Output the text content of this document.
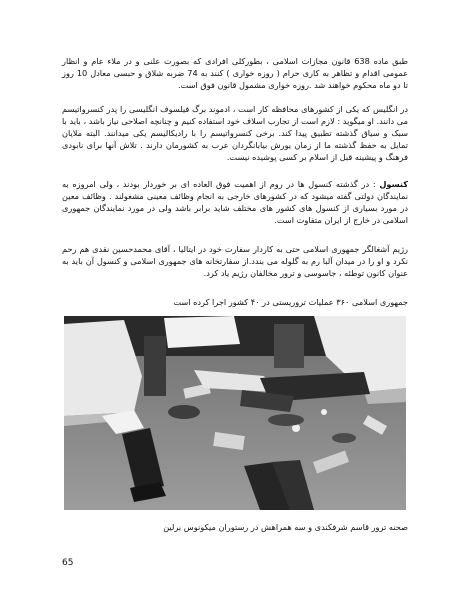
طبق ماده 638 قانون مجازات اسلامی ، بطورکلی افرادی که بصورت علنی و در ملاء عام و انظار عمومی اقدام و تظاهر به کاری حرام ( روزه خواری ) کنند به 74 ضربه شلاق و حبسی معادل 10 روز تا دو ماه محکوم خواهند شد .روزه خواری مشمول قانون فوق است.

در انگلیس که یکی از کشورهای محافظه کار است ، ادموند برگ فیلسوف انگلیسی را پدر کنسرواتیسم می دانند. او میگوید : لازم است از تجارب اسلاف خود استفاده کنیم و چنانچه اصلاحی نیاز باشد ، باید با سبک و سیاق گذشته تطبیق پیدا کند. برخی کنسرواتیسم را با رادیکالیسم یکی میدانند. البته ملایان تمایل به حفظ گذشته ما از زمان یورش بیابانگردان عرب به کشورمان دارند . تلاش آنها برای نابودی فرهنگ و پیشینه قبل از اسلام بر کسی پوشیده نیست.

کنسول : در گذشته کنسول ها در روم از اهمیت فوق العاده ای بر خوردار بودند ، ولی امروزه به نمایندگان دولتی گفته میشود که در کشورهای خارجی به انجام وظائف معینی مشغولند . وظائف معین در مورد بسیاری از کنسول های کشور های مختلف شاید برابر باشد ولی در مورد نمایندگان جمهوری اسلامی در خارج از ایران متفاوت است.

رژیم آشغالگر جمهوری اسلامی حتی به کاردار سفارت خود در ایتالیا ، آقای محمدحسین نقدی هم رحم نکرد و او را در میدان آلبا رم به گلوله می بندد.از سفارتخانه های جمهوری اسلامی و کنسول آن باید به عنوان کانون توطئه ، جاسوسی و ترور مخالفان رژیم یاد کرد.

جمهوری اسلامی ۳۶۰ عملیات تروریستی در ۴۰ کشور اجرا کرده است

صحنه ترور قاسم شرفکندی و سه همراهش در رستوران میکونوس برلین
65
